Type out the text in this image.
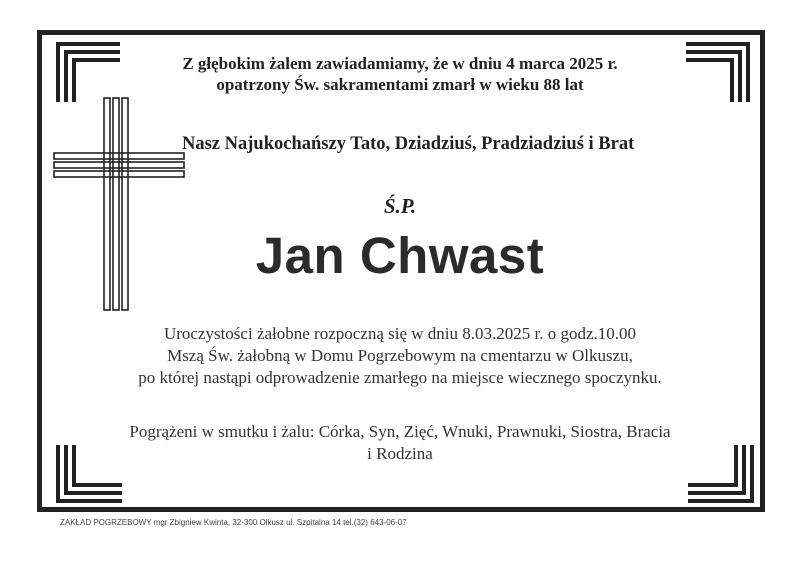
Z głębokim żalem zawiadamiamy, że w dniu 4 marca 2025 r.

opatrzony Św. sakramentami zmarł w wieku 88 lat

Nasz Najukochańszy Tato, Dziadziuś, Pradziadziuś i Brat

Ś.P.

Jan Chwast

Uroczystości żałobne rozpoczną się w dniu 8.03.2025 r. o godz.10.00

Mszą Św. żałobną w Domu Pogrzebowym na cmentarzu w Olkuszu,

po której nastąpi odprowadzenie zmarłego na miejsce wiecznego spoczynku.

Pogrążeni w smutku i żalu: Córka, Syn, Zięć, Wnuki, Prawnuki, Siostra, Bracia

i Rodzina

ZAKŁAD POGRZEBOWY mgr Zbigniew Kwinta, 32-300 Olkusz ul. Szpitalna 14 tel.(32) 643-06-07
